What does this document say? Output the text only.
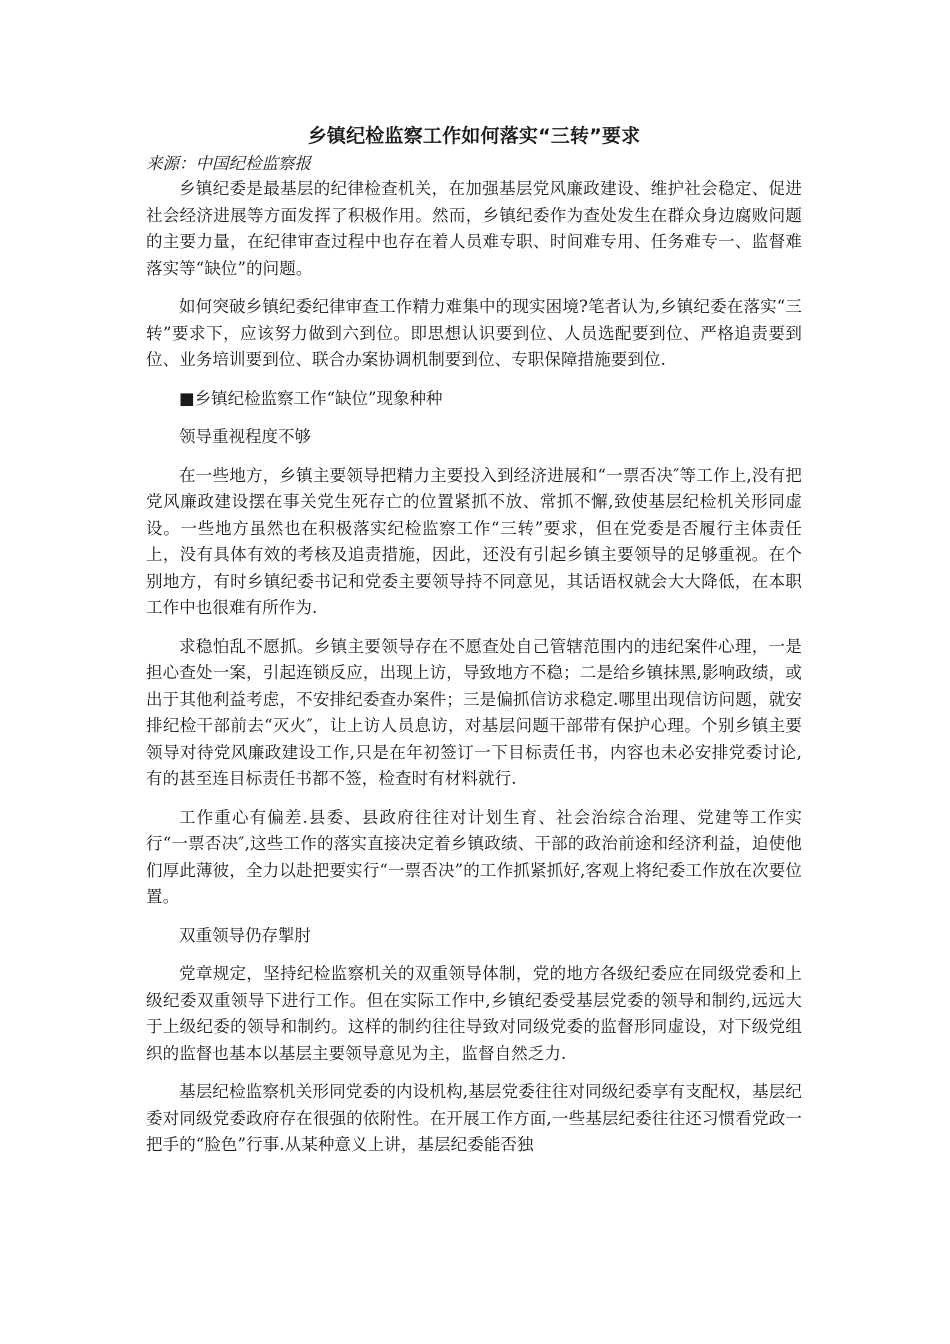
乡镇纪检监察工作如何落实“三转”要求
来源：中国纪检监察报

乡镇纪委是最基层的纪律检查机关，在加强基层党风廉政建设、维护社会稳定、促进社会经济进展等方面发挥了积极作用。然而，乡镇纪委作为查处发生在群众身边腐败问题的主要力量，在纪律审查过程中也存在着人员难专职、时间难专用、任务难专一、监督难落实等“缺位”的问题。

如何突破乡镇纪委纪律审查工作精力难集中的现实困境?笔者认为,乡镇纪委在落实“三转”要求下，应该努力做到六到位。即思想认识要到位、人员选配要到位、严格追责要到位、业务培训要到位、联合办案协调机制要到位、专职保障措施要到位.

■乡镇纪检监察工作“缺位”现象种种

领导重视程度不够

在一些地方，乡镇主要领导把精力主要投入到经济进展和“一票否决″等工作上,没有把党风廉政建设摆在事关党生死存亡的位置紧抓不放、常抓不懈,致使基层纪检机关形同虚设。一些地方虽然也在积极落实纪检监察工作“三转”要求，但在党委是否履行主体责任上，没有具体有效的考核及追责措施，因此，还没有引起乡镇主要领导的足够重视。在个别地方，有时乡镇纪委书记和党委主要领导持不同意见，其话语权就会大大降低，在本职工作中也很难有所作为.

求稳怕乱不愿抓。乡镇主要领导存在不愿查处自己管辖范围内的违纪案件心理，一是担心查处一案，引起连锁反应，出现上访，导致地方不稳；二是给乡镇抹黑,影响政绩，或出于其他利益考虑，不安排纪委查办案件；三是偏抓信访求稳定.哪里出现信访问题，就安排纪检干部前去“灭火″，让上访人员息访，对基层问题干部带有保护心理。个别乡镇主要领导对待党风廉政建设工作,只是在年初签订一下目标责任书，内容也未必安排党委讨论,有的甚至连目标责任书都不签，检查时有材料就行.

工作重心有偏差.县委、县政府往往对计划生育、社会治综合治理、党建等工作实行“一票否决″,这些工作的落实直接决定着乡镇政绩、干部的政治前途和经济利益，迫使他们厚此薄彼，全力以赴把要实行“一票否决”的工作抓紧抓好,客观上将纪委工作放在次要位置。

双重领导仍存掣肘

党章规定，坚持纪检监察机关的双重领导体制，党的地方各级纪委应在同级党委和上级纪委双重领导下进行工作。但在实际工作中,乡镇纪委受基层党委的领导和制约,远远大于上级纪委的领导和制约。这样的制约往往导致对同级党委的监督形同虚设，对下级党组织的监督也基本以基层主要领导意见为主，监督自然乏力.

基层纪检监察机关形同党委的内设机构,基层党委往往对同级纪委享有支配权，基层纪委对同级党委政府存在很强的依附性。在开展工作方面,一些基层纪委往往还习惯看党政一把手的“脸色”行事.从某种意义上讲，基层纪委能否独
